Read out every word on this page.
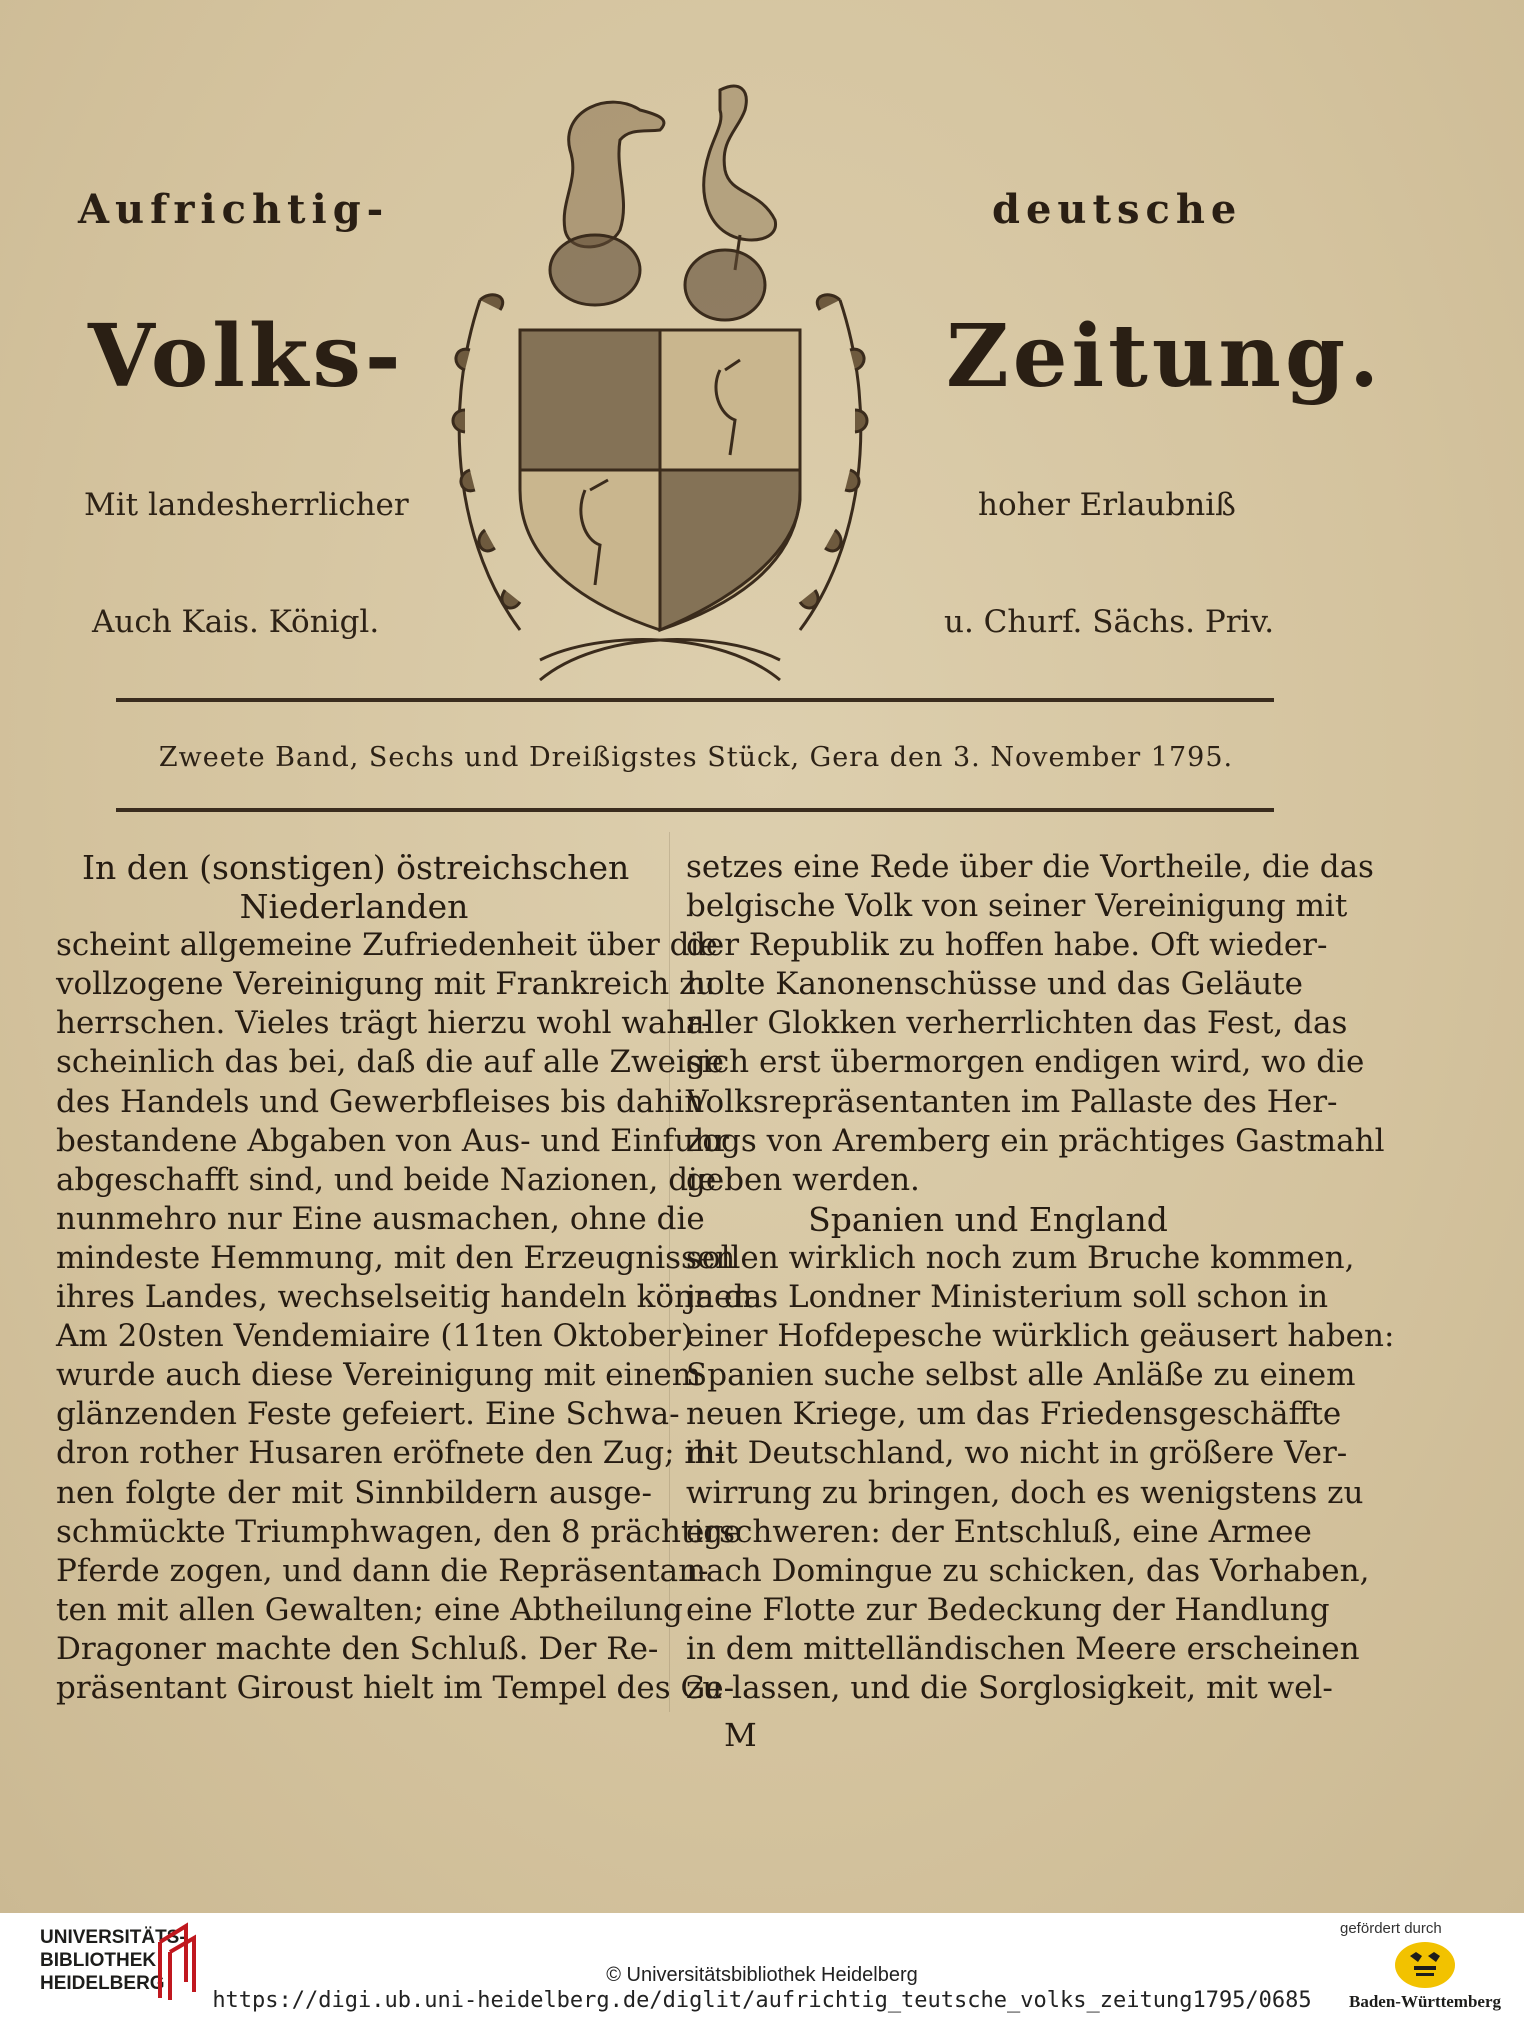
Aufrichtig-	deutsche
Volks-	Zeitung.
Mit landesherrlicher	hoher Erlaubniß
Auch Kais. Königl.	u. Churf. Sächs. Priv.
Zweete Band, Sechs und Dreißigstes Stück, Gera den 3. November 1795.
In den (sonstigen) östreichschen
Niederlanden
scheint allgemeine Zufriedenheit über die
vollzogene Vereinigung mit Frankreich zu
herrschen. Vieles trägt hierzu wohl wahr-
scheinlich das bei, daß die auf alle Zweige
des Handels und Gewerbfleises bis dahin
bestandene Abgaben von Aus- und Einfuhr
abgeschafft sind, und beide Nazionen, die
nunmehro nur Eine ausmachen, ohne die
mindeste Hemmung, mit den Erzeugnissen
ihres Landes, wechselseitig handeln können.
Am 20sten Vendemiaire (11ten Oktober)
wurde auch diese Vereinigung mit einem
glänzenden Feste gefeiert. Eine Schwa-
dron rother Husaren eröfnete den Zug; ih-
nen folgte der mit Sinnbildern ausge-
schmückte Triumphwagen, den 8 prächtige
Pferde zogen, und dann die Repräsentan-
ten mit allen Gewalten; eine Abtheilung
Dragoner machte den Schluß. Der Re-
präsentant Giroust hielt im Tempel des Ge-
setzes eine Rede über die Vortheile, die das
belgische Volk von seiner Vereinigung mit
der Republik zu hoffen habe. Oft wieder-
holte Kanonenschüsse und das Geläute
aller Glokken verherrlichten das Fest, das
sich erst übermorgen endigen wird, wo die
Volksrepräsentanten im Pallaste des Her-
zogs von Aremberg ein prächtiges Gastmahl
geben werden.
Spanien und England
sollen wirklich noch zum Bruche kommen,
ja das Londner Ministerium soll schon in
einer Hofdepesche würklich geäusert haben:
Spanien suche selbst alle Anläße zu einem
neuen Kriege, um das Friedensgeschäffte
mit Deutschland, wo nicht in größere Ver-
wirrung zu bringen, doch es wenigstens zu
erschweren: der Entschluß, eine Armee
nach Domingue zu schicken, das Vorhaben,
eine Flotte zur Bedeckung der Handlung
in dem mittelländischen Meere erscheinen
zu lassen, und die Sorglosigkeit, mit wel-
M
UNIVERSITÄTS-
BIBLIOTHEK
HEIDELBERG	© Universitätsbibliothek Heidelberg
https://digi.ub.uni-heidelberg.de/diglit/aufrichtig_teutsche_volks_zeitung1795/0685
gefördert durch
Baden-Württemberg
